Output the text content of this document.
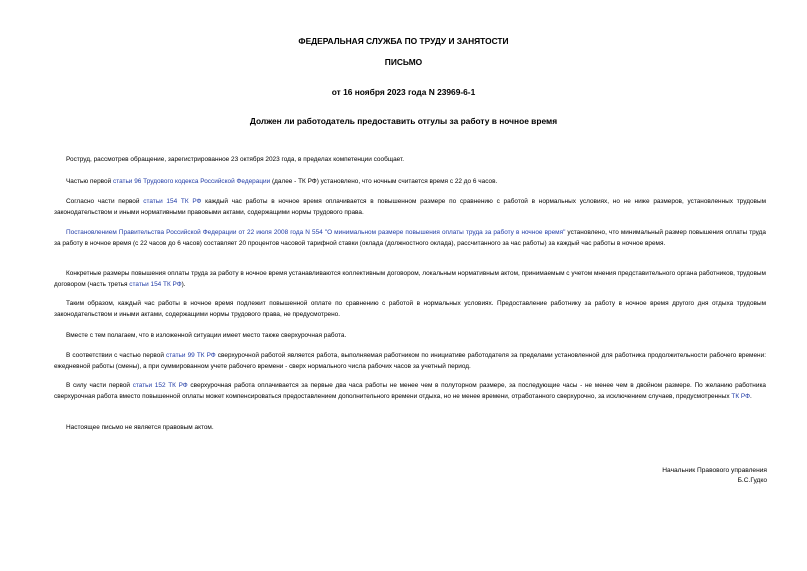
ФЕДЕРАЛЬНАЯ СЛУЖБА ПО ТРУДУ И ЗАНЯТОСТИ
ПИСЬМО
от 16 ноября 2023 года N 23969-6-1
Должен ли работодатель предоставить отгулы за работу в ночное время

Роструд, рассмотрев обращение, зарегистрированное 23 октября 2023 года, в пределах компетенции сообщает.

Частью первой статьи 96 Трудового кодекса Российской Федерации (далее - ТК РФ) установлено, что ночным считается время с 22 до 6 часов.

Согласно части первой статьи 154 ТК РФ каждый час работы в ночное время оплачивается в повышенном размере по сравнению с работой в нормальных условиях, но не ниже размеров, установленных трудовым законодательством и иными нормативными правовыми актами, содержащими нормы трудового права.

Постановлением Правительства Российской Федерации от 22 июля 2008 года N 554 "О минимальном размере повышения оплаты труда за работу в ночное время" установлено, что минимальный размер повышения оплаты труда за работу в ночное время (с 22 часов до 6 часов) составляет 20 процентов часовой тарифной ставки (оклада (должностного оклада), рассчитанного за час работы) за каждый час работы в ночное время.

Конкретные размеры повышения оплаты труда за работу в ночное время устанавливаются коллективным договором, локальным нормативным актом, принимаемым с учетом мнения представительного органа работников, трудовым договором (часть третья статьи 154 ТК РФ).

Таким образом, каждый час работы в ночное время подлежит повышенной оплате по сравнению с работой в нормальных условиях. Предоставление работнику за работу в ночное время другого дня отдыха трудовым законодательством и иными актами, содержащими нормы трудового права, не предусмотрено.

Вместе с тем полагаем, что в изложенной ситуации имеет место также сверхурочная работа.

В соответствии с частью первой статьи 99 ТК РФ сверхурочной работой является работа, выполняемая работником по инициативе работодателя за пределами установленной для работника продолжительности рабочего времени: ежедневной работы (смены), а при суммированном учете рабочего времени - сверх нормального числа рабочих часов за учетный период.

В силу части первой статьи 152 ТК РФ сверхурочная работа оплачивается за первые два часа работы не менее чем в полуторном размере, за последующие часы - не менее чем в двойном размере. По желанию работника сверхурочная работа вместо повышенной оплаты может компенсироваться предоставлением дополнительного времени отдыха, но не менее времени, отработанного сверхурочно, за исключением случаев, предусмотренных ТК РФ.

Настоящее письмо не является правовым актом.

Начальник Правового управления
Б.С.Гудко
